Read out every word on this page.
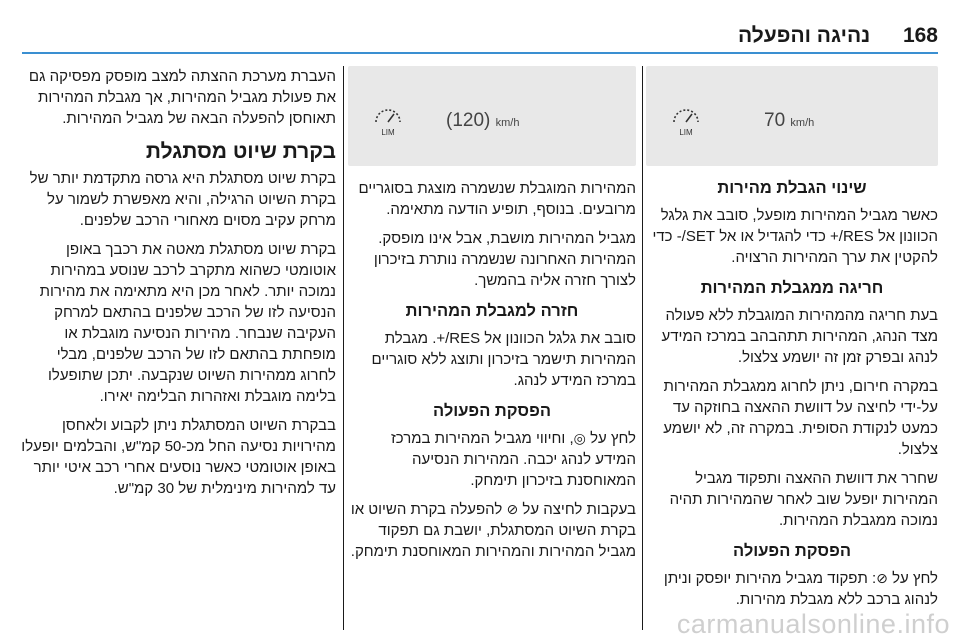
נהיגה והפעלה 168
LIM
70 km/h
שינוי הגבלת מהירות

כאשר מגביל המהירות מופעל, סובב את גלגל הכוונון אל RES/+ כדי להגדיל או אל SET/- כדי להקטין את ערך המהירות הרצויה.

חריגה ממגבלת המהירות

בעת חריגה מהמהירות המוגבלת ללא פעולה מצד הנהג, המהירות תתהבהב במרכז המידע לנהג ובפרק זמן זה יושמע צלצול.

במקרה חירום, ניתן לחרוג ממגבלת המהירות על-ידי לחיצה על דוושת ההאצה בחוזקה עד כמעט לנקודת הסופית. במקרה זה, לא יושמע צלצול.

שחרר את דוושת ההאצה ותפקוד מגביל המהירות יופעל שוב לאחר שהמהירות תהיה נמוכה ממגבלת המהירות.

הפסקת הפעולה

לחץ על ⊘: תפקוד מגביל מהירות יופסק וניתן לנהוג ברכב ללא מגבלת מהירות.

LIM
(120) km/h

המהירות המוגבלת שנשמרה מוצגת בסוגריים מרובעים. בנוסף, תופיע הודעה מתאימה.

מגביל המהירות מושבת, אבל אינו מופסק. המהירות האחרונה שנשמרה נותרת בזיכרון לצורך חזרה אליה בהמשך.

חזרה למגבלת המהירות

סובב את גלגל הכוונון אל RES/+. מגבלת המהירות תישמר בזיכרון ותוצג ללא סוגריים במרכז המידע לנהג.

הפסקת הפעולה

לחץ על ◎, וחיווי מגביל המהירות במרכז המידע לנהג יכבה. המהירות הנסיעה המאוחסנת בזיכרון תימחק.

בעקבות לחיצה על ⊘ להפעלה בקרת השיוט או בקרת השיוט המסתגלת, יושבת גם תפקוד מגביל המהירות והמהירות המאוחסנת תימחק.

העברת מערכת ההצתה למצב מופסק מפסיקה גם את פעולת מגביל המהירות, אך מגבלת המהירות תאוחסן להפעלה הבאה של מגביל המהירות.

בקרת שיוט מסתגלת

בקרת שיוט מסתגלת היא גרסה מתקדמת יותר של בקרת השיוט הרגילה, והיא מאפשרת לשמור על מרחק עקיב מסוים מאחורי הרכב שלפנים.

בקרת שיוט מסתגלת מאטה את רכבך באופן אוטומטי כשהוא מתקרב לרכב שנוסע במהירות נמוכה יותר. לאחר מכן היא מתאימה את מהירות הנסיעה לזו של הרכב שלפנים בהתאם למרחק העקיבה שנבחר. מהירות הנסיעה מוגבלת או מופחתת בהתאם לזו של הרכב שלפנים, מבלי לחרוג ממהירות השיוט שנקבעה. יתכן שתופעלו בלימה מוגבלת ואזהרות הבלימה יאירו.

בבקרת השיוט המסתגלת ניתן לקבוע ולאחסן מהירויות נסיעה החל מכ-50 קמ"ש, והבלמים יופעלו באופן אוטומטי כאשר נוסעים אחרי רכב איטי יותר עד למהירות מינימלית של 30 קמ"ש.

carmanualsonline.info
